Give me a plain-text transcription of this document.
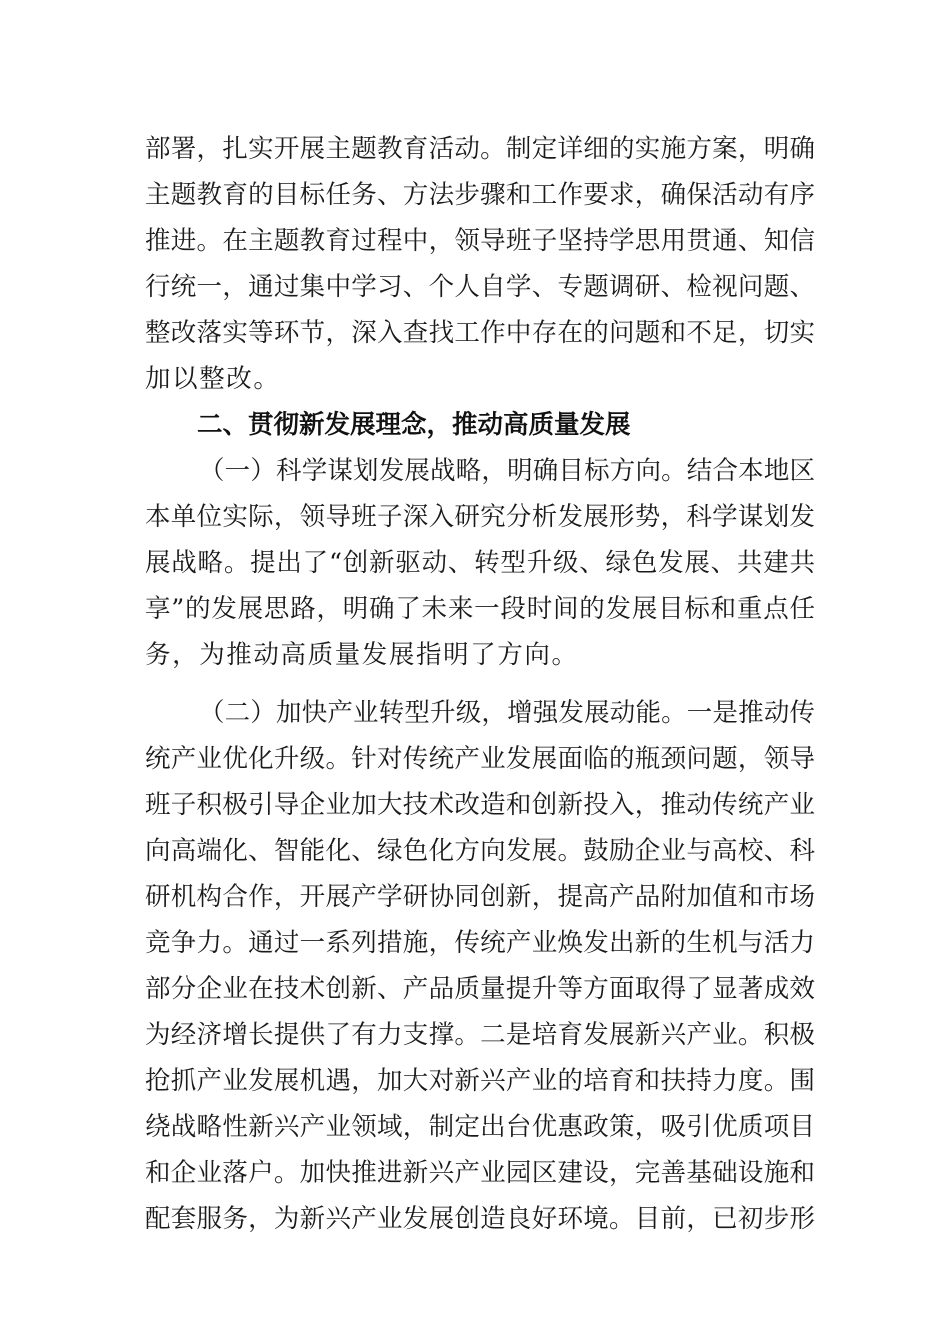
部署，扎实开展主题教育活动。制定详细的实施方案，明确
主题教育的目标任务、方法步骤和工作要求，确保活动有序
推进。在主题教育过程中，领导班子坚持学思用贯通、知信
行统一，通过集中学习、个人自学、专题调研、检视问题、
整改落实等环节，深入查找工作中存在的问题和不足，切实
加以整改。
二、贯彻新发展理念，推动高质量发展
（一）科学谋划发展战略，明确目标方向。结合本地区
本单位实际，领导班子深入研究分析发展形势，科学谋划发
展战略。提出了“创新驱动、转型升级、绿色发展、共建共
享”的发展思路，明确了未来一段时间的发展目标和重点任
务，为推动高质量发展指明了方向。
（二）加快产业转型升级，增强发展动能。一是推动传
统产业优化升级。针对传统产业发展面临的瓶颈问题，领导
班子积极引导企业加大技术改造和创新投入，推动传统产业
向高端化、智能化、绿色化方向发展。鼓励企业与高校、科
研机构合作，开展产学研协同创新，提高产品附加值和市场
竞争力。通过一系列措施，传统产业焕发出新的生机与活力
部分企业在技术创新、产品质量提升等方面取得了显著成效
为经济增长提供了有力支撑。二是培育发展新兴产业。积极
抢抓产业发展机遇，加大对新兴产业的培育和扶持力度。围
绕战略性新兴产业领域，制定出台优惠政策，吸引优质项目
和企业落户。加快推进新兴产业园区建设，完善基础设施和
配套服务，为新兴产业发展创造良好环境。目前，已初步形
